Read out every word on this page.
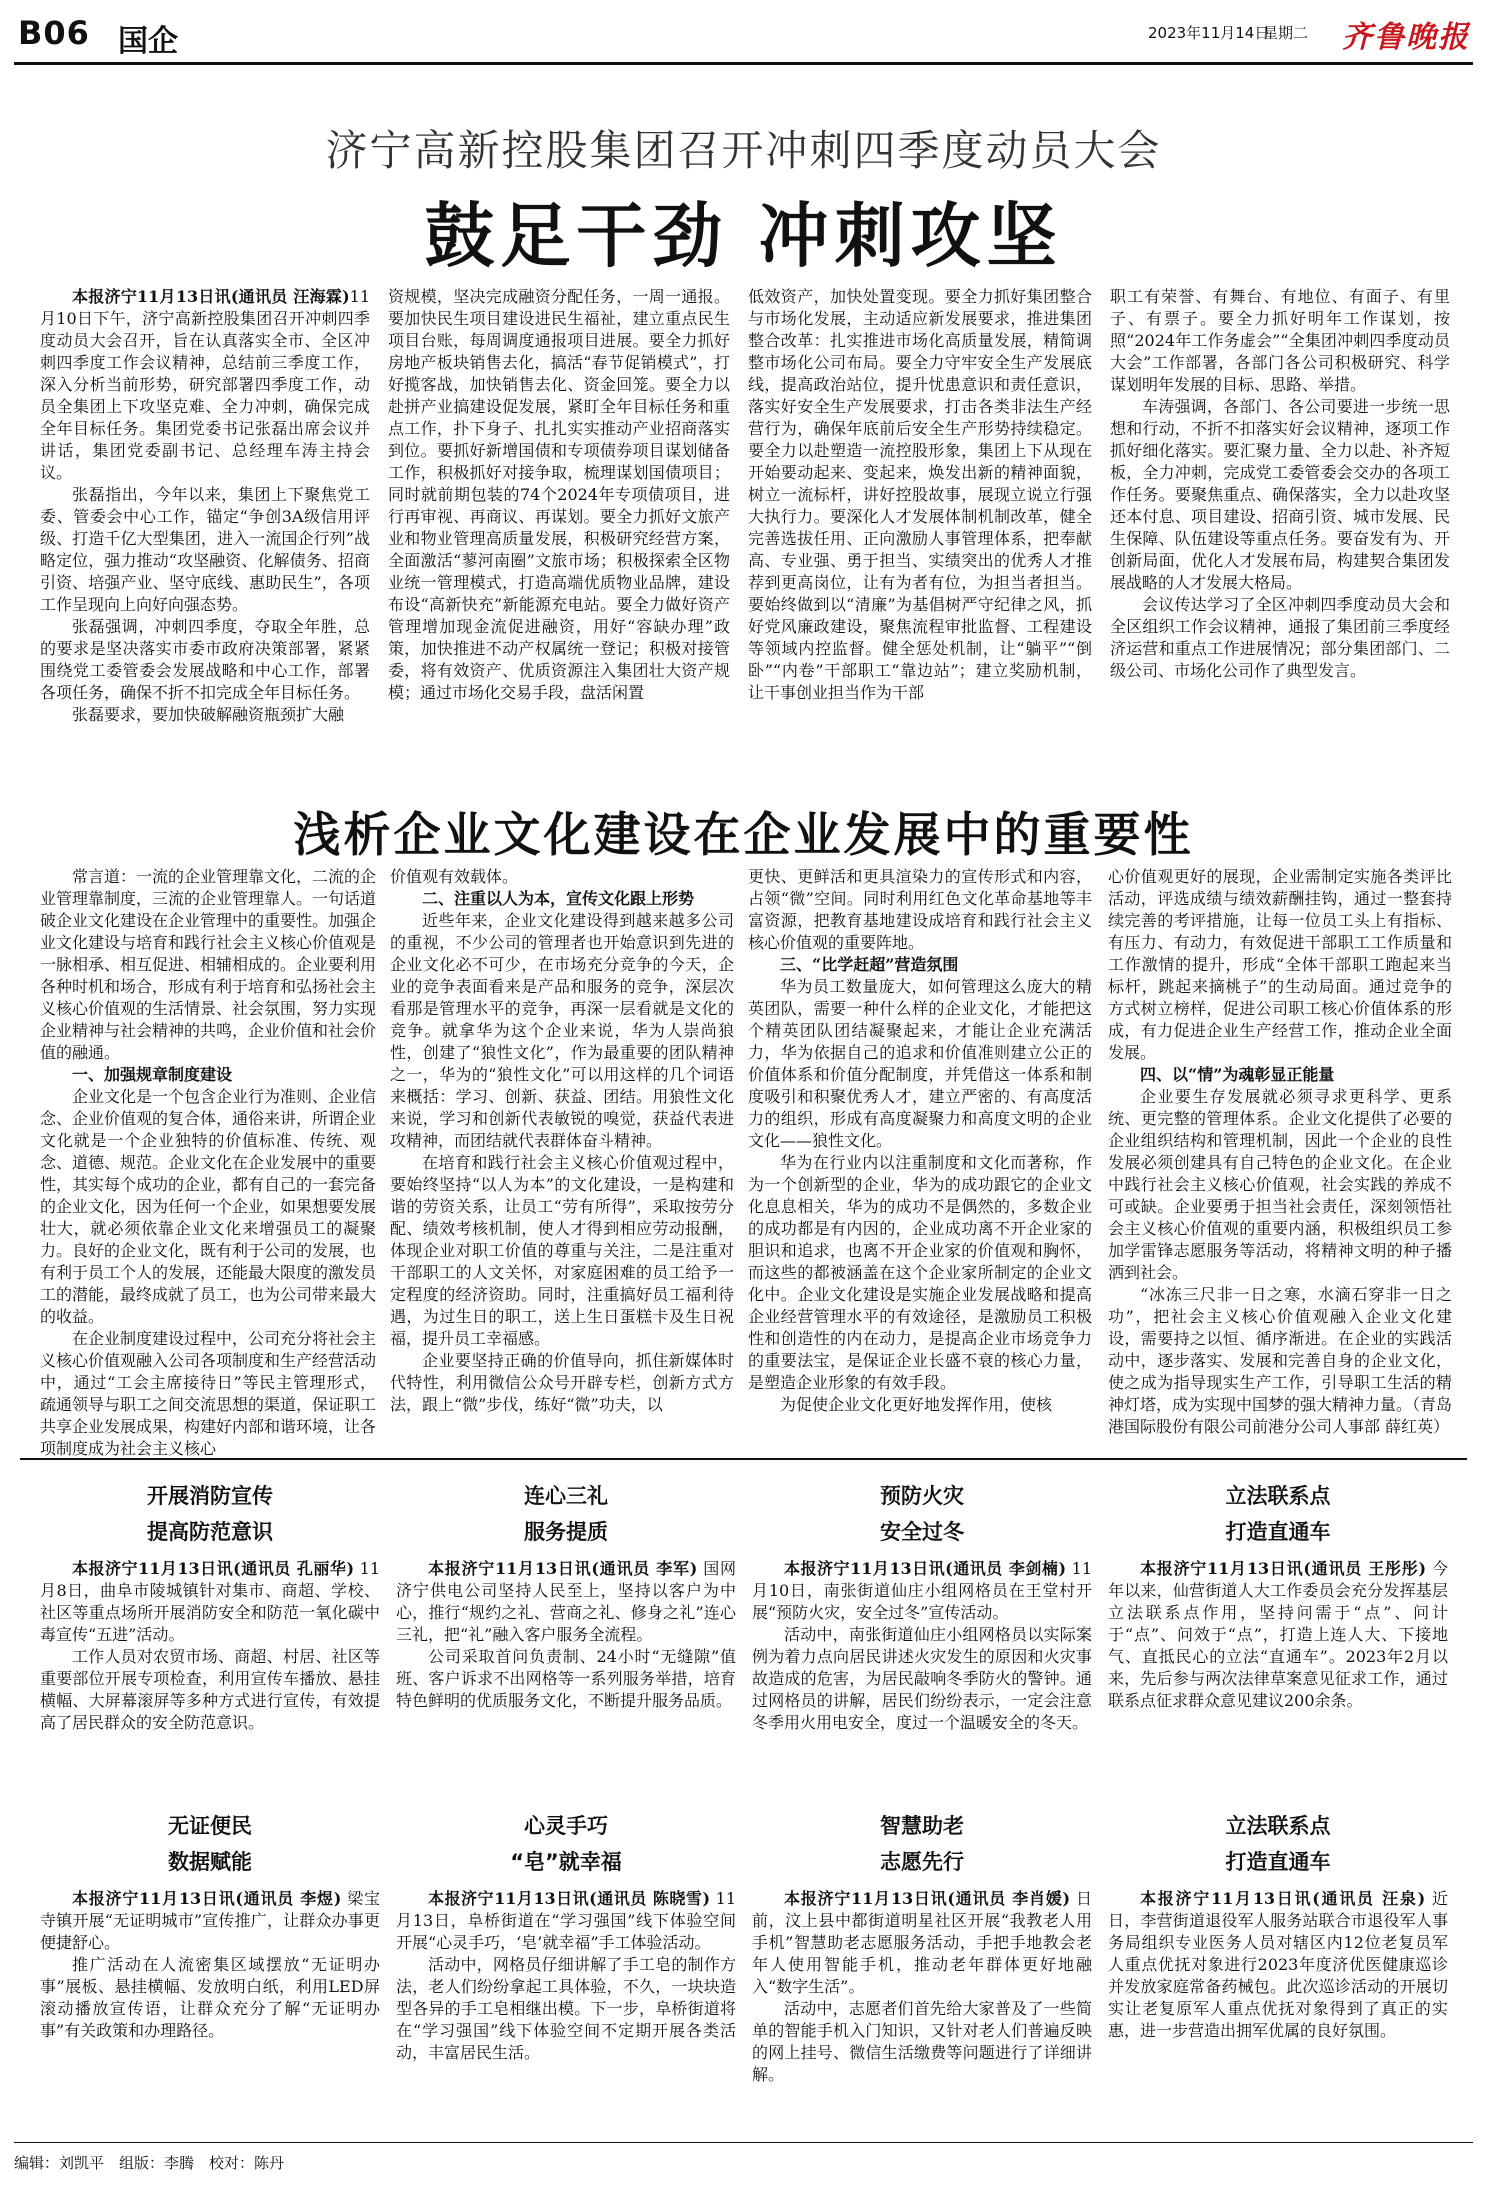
B06 国企	2023年11月14日
星期二 齐鲁晚报
济宁高新控股集团召开冲刺四季度动员大会
鼓足干劲 冲刺攻坚

本报济宁11月13日讯(通讯员 汪海霖)11月10日下午，济宁高新控股集团召开冲刺四季度动员大会召开，旨在认真落实全市、全区冲刺四季度工作会议精神，总结前三季度工作，深入分析当前形势，研究部署四季度工作，动员全集团上下攻坚克难、全力冲刺，确保完成全年目标任务。集团党委书记张磊出席会议并讲话，集团党委副书记、总经理车涛主持会议。

张磊指出，今年以来，集团上下聚焦党工委、管委会中心工作，锚定“争创3A级信用评级、打造千亿大型集团，进入一流国企行列”战略定位，强力推动“攻坚融资、化解债务、招商引资、培强产业、坚守底线、惠助民生”，各项工作呈现向上向好向强态势。

张磊强调，冲刺四季度，夺取全年胜，总的要求是坚决落实市委市政府决策部署，紧紧围绕党工委管委会发展战略和中心工作，部署各项任务，确保不折不扣完成全年目标任务。

张磊要求，要加快破解融资瓶颈扩大融

资规模，坚决完成融资分配任务，一周一通报。要加快民生项目建设进民生福祉，建立重点民生项目台账，每周调度通报项目进展。要全力抓好房地产板块销售去化，搞活“春节促销模式”，打好揽客战，加快销售去化、资金回笼。要全力以赴拼产业搞建设促发展，紧盯全年目标任务和重点工作，扑下身子、扎扎实实推动产业招商落实到位。要抓好新增国债和专项债券项目谋划储备工作，积极抓好对接争取，梳理谋划国债项目；同时就前期包装的74个2024年专项债项目，进行再审视、再商议、再谋划。要全力抓好文旅产业和物业管理高质量发展，积极研究经营方案，全面激活“蓼河南圈”文旅市场；积极探索全区物业统一管理模式，打造高端优质物业品牌，建设布设“高新快充”新能源充电站。要全力做好资产管理增加现金流促进融资，用好“容缺办理”政策，加快推进不动产权属统一登记；积极对接管委，将有效资产、优质资源注入集团壮大资产规模；通过市场化交易手段，盘活闲置

低效资产，加快处置变现。要全力抓好集团整合与市场化发展，主动适应新发展要求，推进集团整合改革：扎实推进市场化高质量发展，精简调整市场化公司布局。要全力守牢安全生产发展底线，提高政治站位，提升忧患意识和责任意识，落实好安全生产发展要求，打击各类非法生产经营行为，确保年底前后安全生产形势持续稳定。要全力以赴塑造一流控股形象，集团上下从现在开始要动起来、变起来，焕发出新的精神面貌，树立一流标杆，讲好控股故事，展现立说立行强大执行力。要深化人才发展体制机制改革，健全完善选拔任用、正向激励人事管理体系，把奉献高、专业强、勇于担当、实绩突出的优秀人才推荐到更高岗位，让有为者有位，为担当者担当。要始终做到以“清廉”为基倡树严守纪律之风，抓好党风廉政建设，聚焦流程审批监督、工程建设等领域内控监督。健全惩处机制，让“躺平”“倒卧”“内卷”干部职工“靠边站”；建立奖励机制，让干事创业担当作为干部

职工有荣誉、有舞台、有地位、有面子、有里子、有票子。要全力抓好明年工作谋划，按照“2024年工作务虚会”“全集团冲刺四季度动员大会”工作部署，各部门各公司积极研究、科学谋划明年发展的目标、思路、举措。

车涛强调，各部门、各公司要进一步统一思想和行动，不折不扣落实好会议精神，逐项工作抓好细化落实。要汇聚力量、全力以赴、补齐短板，全力冲刺，完成党工委管委会交办的各项工作任务。要聚焦重点、确保落实，全力以赴攻坚还本付息、项目建设、招商引资、城市发展、民生保障、队伍建设等重点任务。要奋发有为、开创新局面，优化人才发展布局，构建契合集团发展战略的人才发展大格局。

会议传达学习了全区冲刺四季度动员大会和全区组织工作会议精神，通报了集团前三季度经济运营和重点工作进展情况；部分集团部门、二级公司、市场化公司作了典型发言。

浅析企业文化建设在企业发展中的重要性

常言道：一流的企业管理靠文化，二流的企业管理靠制度，三流的企业管理靠人。一句话道破企业文化建设在企业管理中的重要性。加强企业文化建设与培育和践行社会主义核心价值观是一脉相承、相互促进、相辅相成的。企业要利用各种时机和场合，形成有利于培育和弘扬社会主义核心价值观的生活情景、社会氛围，努力实现企业精神与社会精神的共鸣，企业价值和社会价值的融通。

一、加强规章制度建设

企业文化是一个包含企业行为准则、企业信念、企业价值观的复合体，通俗来讲，所谓企业文化就是一个企业独特的价值标准、传统、观念、道德、规范。企业文化在企业发展中的重要性，其实每个成功的企业，都有自己的一套完备的企业文化，因为任何一个企业，如果想要发展壮大，就必须依靠企业文化来增强员工的凝聚力。良好的企业文化，既有利于公司的发展，也有利于员工个人的发展，还能最大限度的激发员工的潜能，最终成就了员工，也为公司带来最大的收益。

在企业制度建设过程中，公司充分将社会主义核心价值观融入公司各项制度和生产经营活动中，通过“工会主席接待日”等民主管理形式，疏通领导与职工之间交流思想的渠道，保证职工共享企业发展成果，构建好内部和谐环境，让各项制度成为社会主义核心

价值观有效载体。

二、注重以人为本，宣传文化跟上形势

近些年来，企业文化建设得到越来越多公司的重视，不少公司的管理者也开始意识到先进的企业文化必不可少，在市场充分竞争的今天，企业的竞争表面看来是产品和服务的竞争，深层次看那是管理水平的竞争，再深一层看就是文化的竞争。就拿华为这个企业来说，华为人崇尚狼性，创建了“狼性文化”，作为最重要的团队精神之一，华为的“狼性文化”可以用这样的几个词语来概括：学习、创新、获益、团结。用狼性文化来说，学习和创新代表敏锐的嗅觉，获益代表进攻精神，而团结就代表群体奋斗精神。

在培育和践行社会主义核心价值观过程中，要始终坚持“以人为本”的文化建设，一是构建和谐的劳资关系，让员工“劳有所得”，采取按劳分配、绩效考核机制，使人才得到相应劳动报酬，体现企业对职工价值的尊重与关注，二是注重对干部职工的人文关怀，对家庭困难的员工给予一定程度的经济资助。同时，注重搞好员工福利待遇，为过生日的职工，送上生日蛋糕卡及生日祝福，提升员工幸福感。

企业要坚持正确的价值导向，抓住新媒体时代特性，利用微信公众号开辟专栏，创新方式方法，跟上“微”步伐，练好“微”功夫，以

更快、更鲜活和更具渲染力的宣传形式和内容，占领“微”空间。同时利用红色文化革命基地等丰富资源，把教育基地建设成培育和践行社会主义核心价值观的重要阵地。

三、“比学赶超”营造氛围

华为员工数量庞大，如何管理这么庞大的精英团队，需要一种什么样的企业文化，才能把这个精英团队团结凝聚起来，才能让企业充满活力，华为依据自己的追求和价值准则建立公正的价值体系和价值分配制度，并凭借这一体系和制度吸引和积聚优秀人才，建立严密的、有高度活力的组织，形成有高度凝聚力和高度文明的企业文化——狼性文化。

华为在行业内以注重制度和文化而著称，作为一个创新型的企业，华为的成功跟它的企业文化息息相关，华为的成功不是偶然的，多数企业的成功都是有内因的，企业成功离不开企业家的胆识和追求，也离不开企业家的价值观和胸怀，而这些的都被涵盖在这个企业家所制定的企业文化中。企业文化建设是实施企业发展战略和提高企业经营管理水平的有效途径，是激励员工积极性和创造性的内在动力，是提高企业市场竞争力的重要法宝，是保证企业长盛不衰的核心力量，是塑造企业形象的有效手段。

为促使企业文化更好地发挥作用，使核

心价值观更好的展现，企业需制定实施各类评比活动，评选成绩与绩效薪酬挂钩，通过一整套持续完善的考评措施，让每一位员工头上有指标、有压力、有动力，有效促进干部职工工作质量和工作激情的提升，形成“全体干部职工跑起来当标杆，跳起来摘桃子”的生动局面。通过竞争的方式树立榜样，促进公司职工核心价值体系的形成，有力促进企业生产经营工作，推动企业全面发展。

四、以“情”为魂彰显正能量

企业要生存发展就必须寻求更科学、更系统、更完整的管理体系。企业文化提供了必要的企业组织结构和管理机制，因此一个企业的良性发展必须创建具有自己特色的企业文化。在企业中践行社会主义核心价值观，社会实践的养成不可或缺。企业要勇于担当社会责任，深刻领悟社会主义核心价值观的重要内涵，积极组织员工参加学雷锋志愿服务等活动，将精神文明的种子播洒到社会。

“冰冻三尺非一日之寒，水滴石穿非一日之功”，把社会主义核心价值观融入企业文化建设，需要持之以恒、循序渐进。在企业的实践活动中，逐步落实、发展和完善自身的企业文化，使之成为指导现实生产工作，引导职工生活的精神灯塔，成为实现中国梦的强大精神力量。（青岛港国际股份有限公司前港分公司人事部 薛红英）

开展消防宣传
提高防范意识

本报济宁11月13日讯(通讯员 孔丽华) 11月8日，曲阜市陵城镇针对集市、商超、学校、社区等重点场所开展消防安全和防范一氧化碳中毒宣传“五进”活动。

工作人员对农贸市场、商超、村居、社区等重要部位开展专项检查，利用宣传车播放、悬挂横幅、大屏幕滚屏等多种方式进行宣传，有效提高了居民群众的安全防范意识。

连心三礼
服务提质

本报济宁11月13日讯(通讯员 李军) 国网济宁供电公司坚持人民至上，坚持以客户为中心，推行“规约之礼、营商之礼、修身之礼”连心三礼，把“礼”融入客户服务全流程。

公司采取首问负责制、24小时“无缝隙”值班、客户诉求不出网格等一系列服务举措，培育特色鲜明的优质服务文化，不断提升服务品质。

预防火灾
安全过冬

本报济宁11月13日讯(通讯员 李剑楠) 11月10日，南张街道仙庄小组网格员在王堂村开展“预防火灾，安全过冬”宣传活动。

活动中，南张街道仙庄小组网格员以实际案例为着力点向居民讲述火灾发生的原因和火灾事故造成的危害，为居民敲响冬季防火的警钟。通过网格员的讲解，居民们纷纷表示，一定会注意冬季用火用电安全，度过一个温暖安全的冬天。

立法联系点
打造直通车

本报济宁11月13日讯(通讯员 王彤彤) 今年以来，仙营街道人大工作委员会充分发挥基层立法联系点作用，坚持问需于“点”、问计于“点”、问效于“点”，打造上连人大、下接地气、直抵民心的立法“直通车”。2023年2月以来，先后参与两次法律草案意见征求工作，通过联系点征求群众意见建议200余条。

无证便民
数据赋能

本报济宁11月13日讯(通讯员 李煜) 梁宝寺镇开展“无证明城市”宣传推广，让群众办事更便捷舒心。

推广活动在人流密集区域摆放“无证明办事”展板、悬挂横幅、发放明白纸，利用LED屏滚动播放宣传语，让群众充分了解“无证明办事”有关政策和办理路径。

心灵手巧
“皂”就幸福

本报济宁11月13日讯(通讯员 陈晓雪) 11月13日，阜桥街道在“学习强国”线下体验空间开展“心灵手巧，‘皂’就幸福”手工体验活动。

活动中，网格员仔细讲解了手工皂的制作方法，老人们纷纷拿起工具体验，不久，一块块造型各异的手工皂相继出模。下一步，阜桥街道将在“学习强国”线下体验空间不定期开展各类活动，丰富居民生活。

智慧助老
志愿先行

本报济宁11月13日讯(通讯员 李肖媛) 日前，汶上县中都街道明星社区开展“我教老人用手机”智慧助老志愿服务活动，手把手地教会老年人使用智能手机，推动老年群体更好地融入“数字生活”。

活动中，志愿者们首先给大家普及了一些简单的智能手机入门知识，又针对老人们普遍反映的网上挂号、微信生活缴费等问题进行了详细讲解。

立法联系点
打造直通车

本报济宁11月13日讯(通讯员 汪泉) 近日，李营街道退役军人服务站联合市退役军人事务局组织专业医务人员对辖区内12位老复员军人重点优抚对象进行2023年度济优医健康巡诊并发放家庭常备药械包。此次巡诊活动的开展切实让老复原军人重点优抚对象得到了真正的实惠，进一步营造出拥军优属的良好氛围。

编辑：刘凯平　组版：李腾　校对：陈丹
